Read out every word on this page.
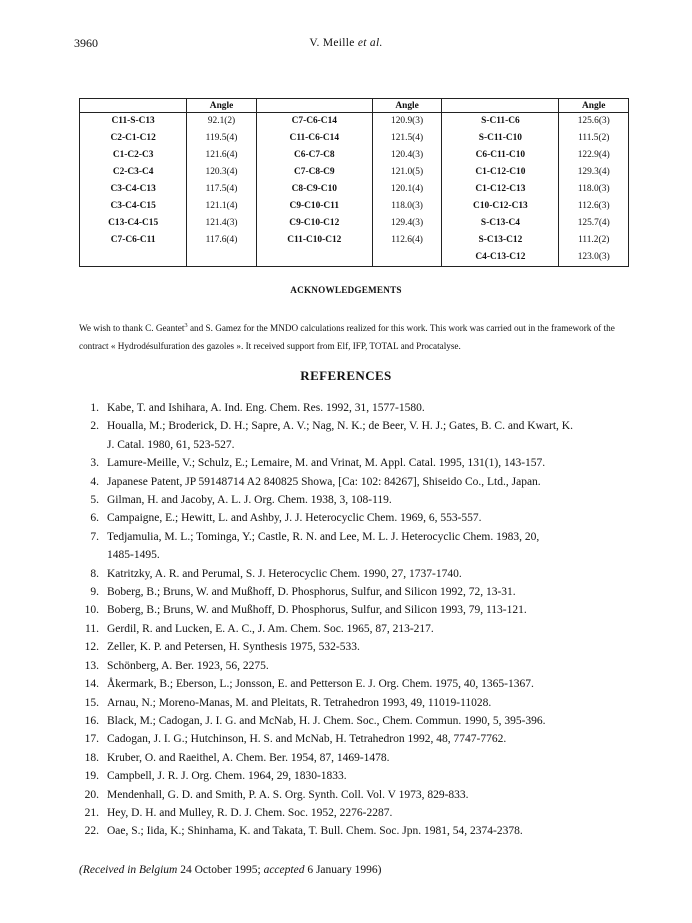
3960	V. Meille et al.
	Angle		Angle		Angle
C11-S-C13	92.1(2)	C7-C6-C14	120.9(3)	S-C11-C6	125.6(3)
C2-C1-C12	119.5(4)	C11-C6-C14	121.5(4)	S-C11-C10	111.5(2)
C1-C2-C3	121.6(4)	C6-C7-C8	120.4(3)	C6-C11-C10	122.9(4)
C2-C3-C4	120.3(4)	C7-C8-C9	121.0(5)	C1-C12-C10	129.3(4)
C3-C4-C13	117.5(4)	C8-C9-C10	120.1(4)	C1-C12-C13	118.0(3)
C3-C4-C15	121.1(4)	C9-C10-C11	118.0(3)	C10-C12-C13	112.6(3)
C13-C4-C15	121.4(3)	C9-C10-C12	129.4(3)	S-C13-C4	125.7(4)
C7-C6-C11	117.6(4)	C11-C10-C12	112.6(4)	S-C13-C12	111.2(2)
				C4-C13-C12	123.0(3)
ACKNOWLEDGEMENTS
We wish to thank C. Geantet$^3$ and S. Gamez for the MNDO calculations realized for this work. This work was carried out in the framework of the contract « Hydrodésulfuration des gazoles ». It received support from Elf, IFP, TOTAL and Procatalyse.
REFERENCES
1. Kabe, T. and Ishihara, A. Ind. Eng. Chem. Res. 1992, 31, 1577-1580.
2. Houalla, M.; Broderick, D. H.; Sapre, A. V.; Nag, N. K.; de Beer, V. H. J.; Gates, B. C. and Kwart, K.
J. Catal. 1980, 61, 523-527.
3. Lamure-Meille, V.; Schulz, E.; Lemaire, M. and Vrinat, M. Appl. Catal. 1995, 131(1), 143-157.
4. Japanese Patent, JP 59148714 A2 840825 Showa, [Ca: 102: 84267], Shiseido Co., Ltd., Japan.
5. Gilman, H. and Jacoby, A. L. J. Org. Chem. 1938, 3, 108-119.
6. Campaigne, E.; Hewitt, L. and Ashby, J. J. Heterocyclic Chem. 1969, 6, 553-557.
7. Tedjamulia, M. L.; Tominga, Y.; Castle, R. N. and Lee, M. L. J. Heterocyclic Chem. 1983, 20,
1485-1495.
8. Katritzky, A. R. and Perumal, S. J. Heterocyclic Chem. 1990, 27, 1737-1740.
9. Boberg, B.; Bruns, W. and Mußhoff, D. Phosphorus, Sulfur, and Silicon 1992, 72, 13-31.
10. Boberg, B.; Bruns, W. and Mußhoff, D. Phosphorus, Sulfur, and Silicon 1993, 79, 113-121.
11. Gerdil, R. and Lucken, E. A. C., J. Am. Chem. Soc. 1965, 87, 213-217.
12. Zeller, K. P. and Petersen, H. Synthesis 1975, 532-533.
13. Schönberg, A. Ber. 1923, 56, 2275.
14. Åkermark, B.; Eberson, L.; Jonsson, E. and Petterson E. J. Org. Chem. 1975, 40, 1365-1367.
15. Arnau, N.; Moreno-Manas, M. and Pleitats, R. Tetrahedron 1993, 49, 11019-11028.
16. Black, M.; Cadogan, J. I. G. and McNab, H. J. Chem. Soc., Chem. Commun. 1990, 5, 395-396.
17. Cadogan, J. I. G.; Hutchinson, H. S. and McNab, H. Tetrahedron 1992, 48, 7747-7762.
18. Kruber, O. and Raeithel, A. Chem. Ber. 1954, 87, 1469-1478.
19. Campbell, J. R. J. Org. Chem. 1964, 29, 1830-1833.
20. Mendenhall, G. D. and Smith, P. A. S. Org. Synth. Coll. Vol. V 1973, 829-833.
21. Hey, D. H. and Mulley, R. D. J. Chem. Soc. 1952, 2276-2287.
22. Oae, S.; Iida, K.; Shinhama, K. and Takata, T. Bull. Chem. Soc. Jpn. 1981, 54, 2374-2378.
(Received in Belgium 24 October 1995; accepted 6 January 1996)
